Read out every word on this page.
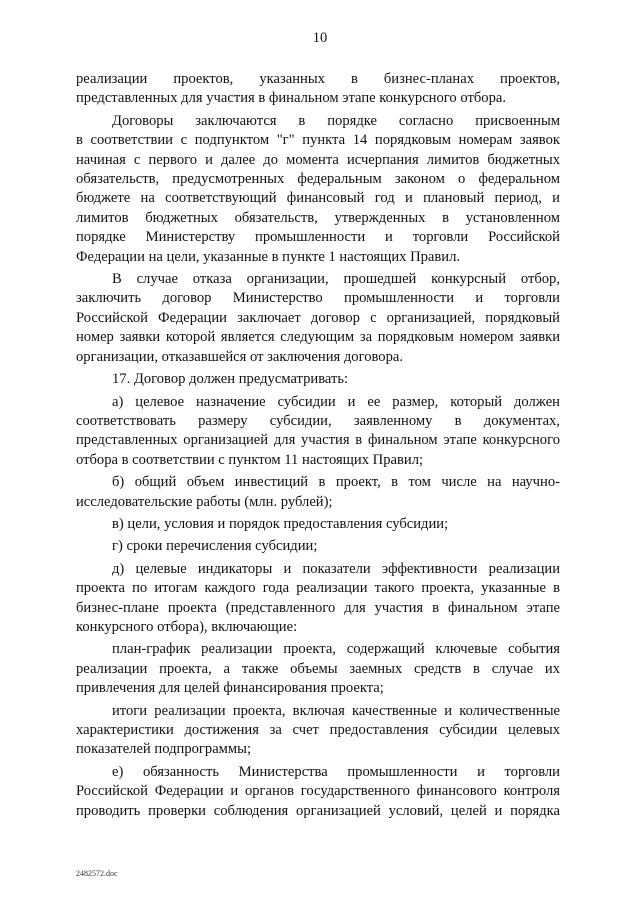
10
реализации проектов, указанных в бизнес-планах проектов,
представленных для участия в финальном этапе конкурсного отбора.
Договоры заключаются в порядке согласно присвоенным
в соответствии с подпунктом "г" пункта 14 порядковым номерам заявок
начиная с первого и далее до момента исчерпания лимитов бюджетных
обязательств, предусмотренных федеральным законом о федеральном
бюджете на соответствующий финансовый год и плановый период, и
лимитов бюджетных обязательств, утвержденных в установленном
порядке Министерству промышленности и торговли Российской
Федерации на цели, указанные в пункте 1 настоящих Правил.
В случае отказа организации, прошедшей конкурсный отбор,
заключить договор Министерство промышленности и торговли
Российской Федерации заключает договор с организацией, порядковый
номер заявки которой является следующим за порядковым номером заявки
организации, отказавшейся от заключения договора.
17. Договор должен предусматривать:
а) целевое назначение субсидии и ее размер, который должен
соответствовать размеру субсидии, заявленному в документах,
представленных организацией для участия в финальном этапе конкурсного
отбора в соответствии с пунктом 11 настоящих Правил;
б) общий объем инвестиций в проект, в том числе на научно-
исследовательские работы (млн. рублей);
в) цели, условия и порядок предоставления субсидии;
г) сроки перечисления субсидии;
д) целевые индикаторы и показатели эффективности реализации
проекта по итогам каждого года реализации такого проекта, указанные в
бизнес-плане проекта (представленного для участия в финальном этапе
конкурсного отбора), включающие:
план-график реализации проекта, содержащий ключевые события
реализации проекта, а также объемы заемных средств в случае их
привлечения для целей финансирования проекта;
итоги реализации проекта, включая качественные и количественные
характеристики достижения за счет предоставления субсидии целевых
показателей подпрограммы;
е) обязанность Министерства промышленности и торговли
Российской Федерации и органов государственного финансового контроля
проводить проверки соблюдения организацией условий, целей и порядка
2482572.doc
